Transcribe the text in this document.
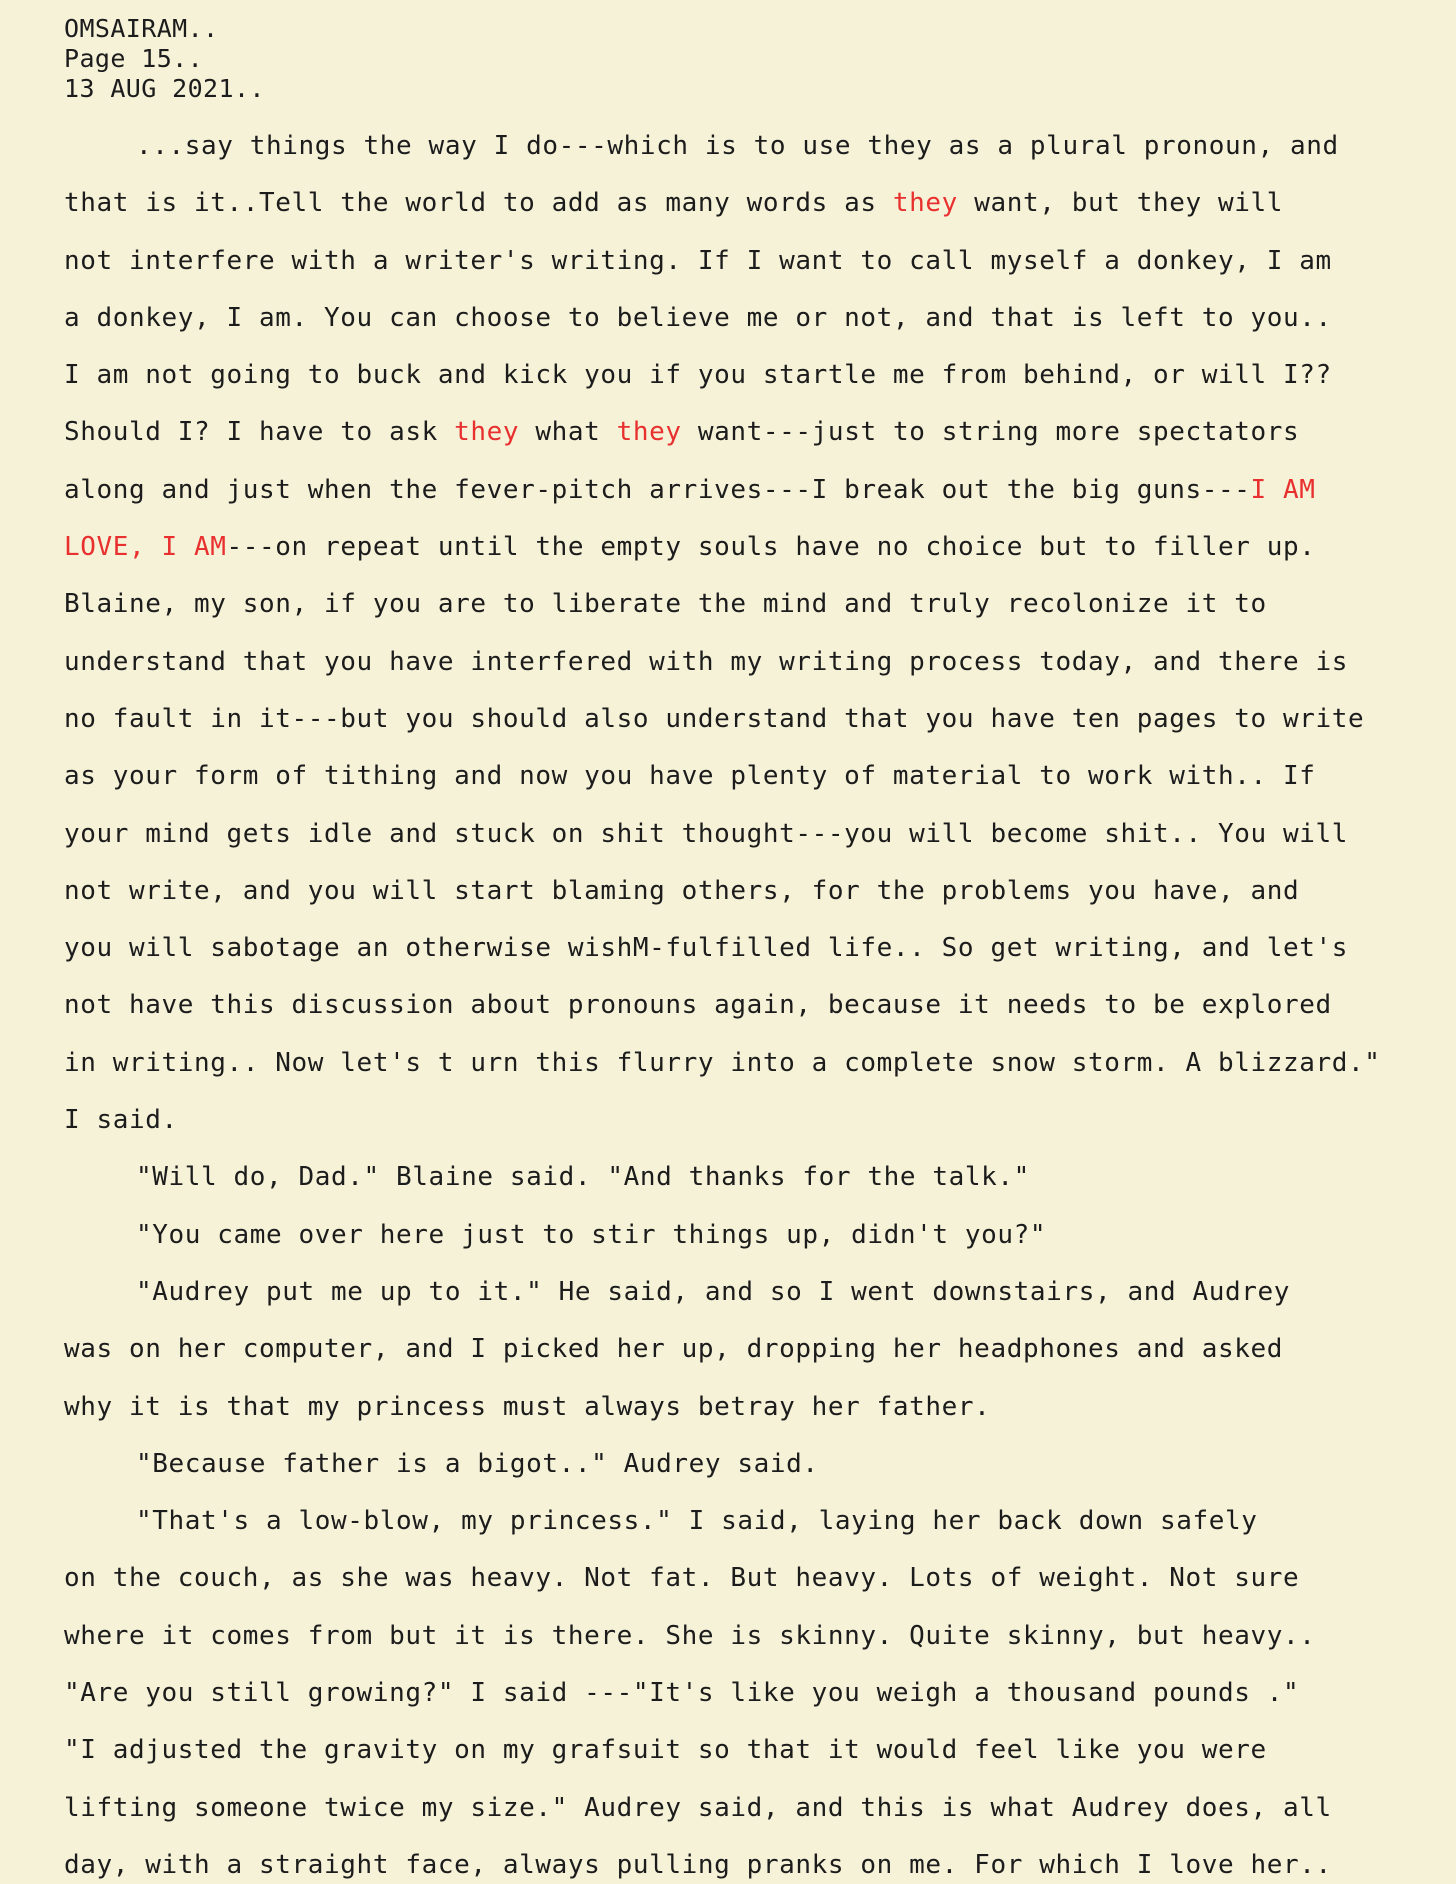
OMSAIRAM..
Page 15..
13 AUG 2021..
...say things the way I do---which is to use they as a plural pronoun, and
that is it..Tell the world to add as many words as they want, but they will
not interfere with a writer's writing. If I want to call myself a donkey, I am
a donkey, I am. You can choose to believe me or not, and that is left to you..
I am not going to buck and kick you if you startle me from behind, or will I??
Should I? I have to ask they what they want---just to string more spectators
along and just when the fever-pitch arrives---I break out the big guns---I AM
LOVE, I AM---on repeat until the empty souls have no choice but to filler up.
Blaine, my son, if you are to liberate the mind and truly recolonize it to
understand that you have interfered with my writing process today, and there is
no fault in it---but you should also understand that you have ten pages to write
as your form of tithing and now you have plenty of material to work with.. If
your mind gets idle and stuck on shit thought---you will become shit.. You will
not write, and you will start blaming others, for the problems you have, and
you will sabotage an otherwise wishM-fulfilled life.. So get writing, and let's
not have this discussion about pronouns again, because it needs to be explored
in writing.. Now let's t urn this flurry into a complete snow storm. A blizzard."
I said.
"Will do, Dad." Blaine said. "And thanks for the talk."
"You came over here just to stir things up, didn't you?"
"Audrey put me up to it." He said, and so I went downstairs, and Audrey
was on her computer, and I picked her up, dropping her headphones and asked
why it is that my princess must always betray her father.
"Because father is a bigot.." Audrey said.
"That's a low-blow, my princess." I said, laying her back down safely
on the couch, as she was heavy. Not fat. But heavy. Lots of weight. Not sure
where it comes from but it is there. She is skinny. Quite skinny, but heavy..
"Are you still growing?" I said ---"It's like you weigh a thousand pounds ."
"I adjusted the gravity on my grafsuit so that it would feel like you were
lifting someone twice my size." Audrey said, and this is what Audrey does, all
day, with a straight face, always pulling pranks on me. For which I love her..
